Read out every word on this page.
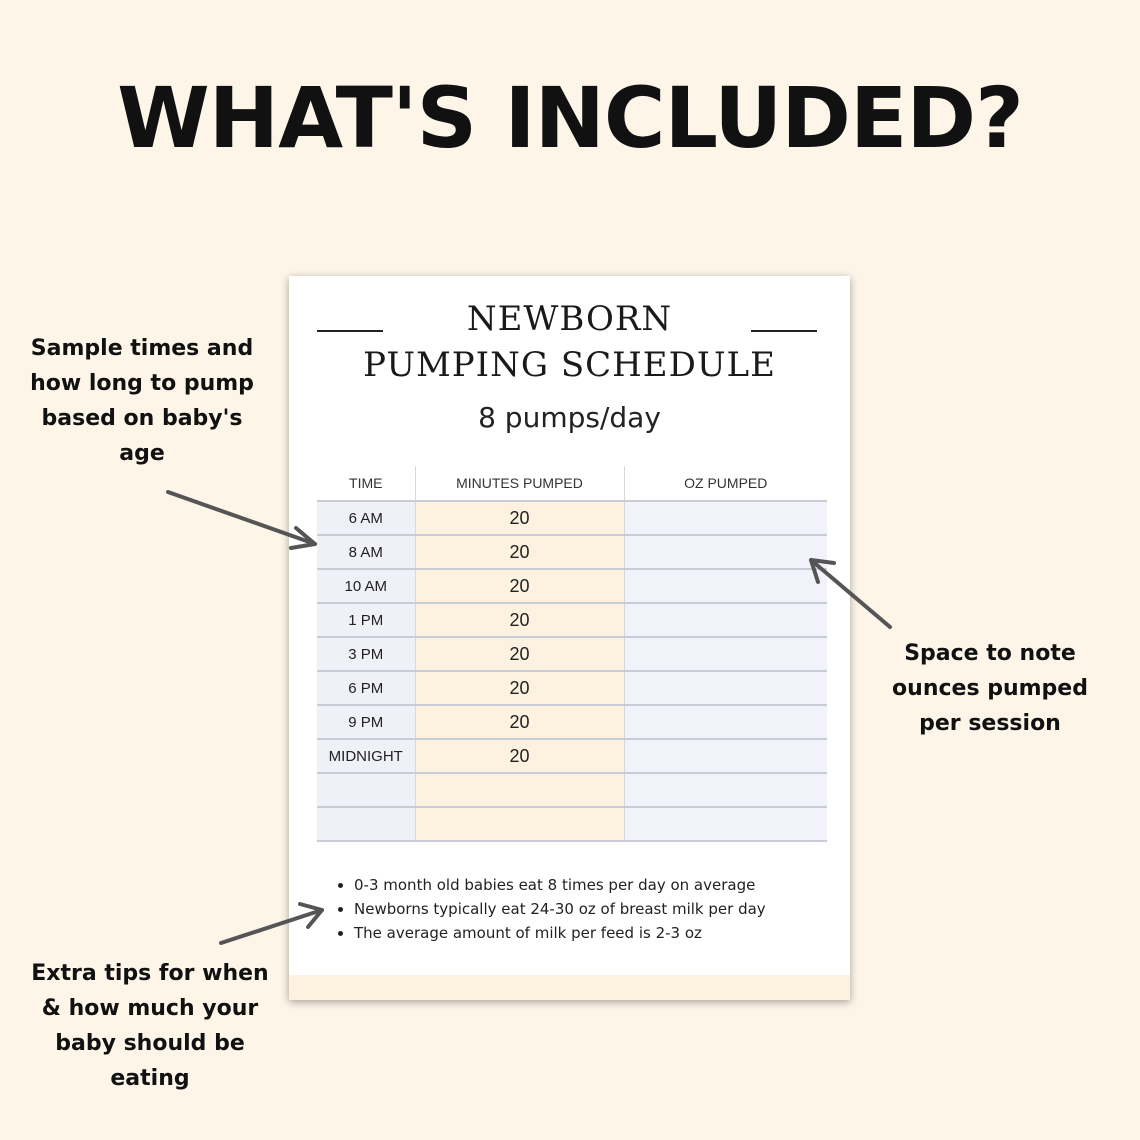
WHAT'S INCLUDED?
NEWBORN
PUMPING SCHEDULE

8 pumps/day

TIME	MINUTES PUMPED	OZ PUMPED
6 AM	20	
8 AM	20	
10 AM	20	
1 PM	20	
3 PM	20	
6 PM	20	
9 PM	20	
MIDNIGHT	20	

• 0-3 month old babies eat 8 times per day on average
• Newborns typically eat 24-30 oz of breast milk per day
• The average amount of milk per feed is 2-3 oz
Sample times and
how long to pump
based on baby's
age
Space to note
ounces pumped
per session
Extra tips for when
& how much your
baby should be
eating
